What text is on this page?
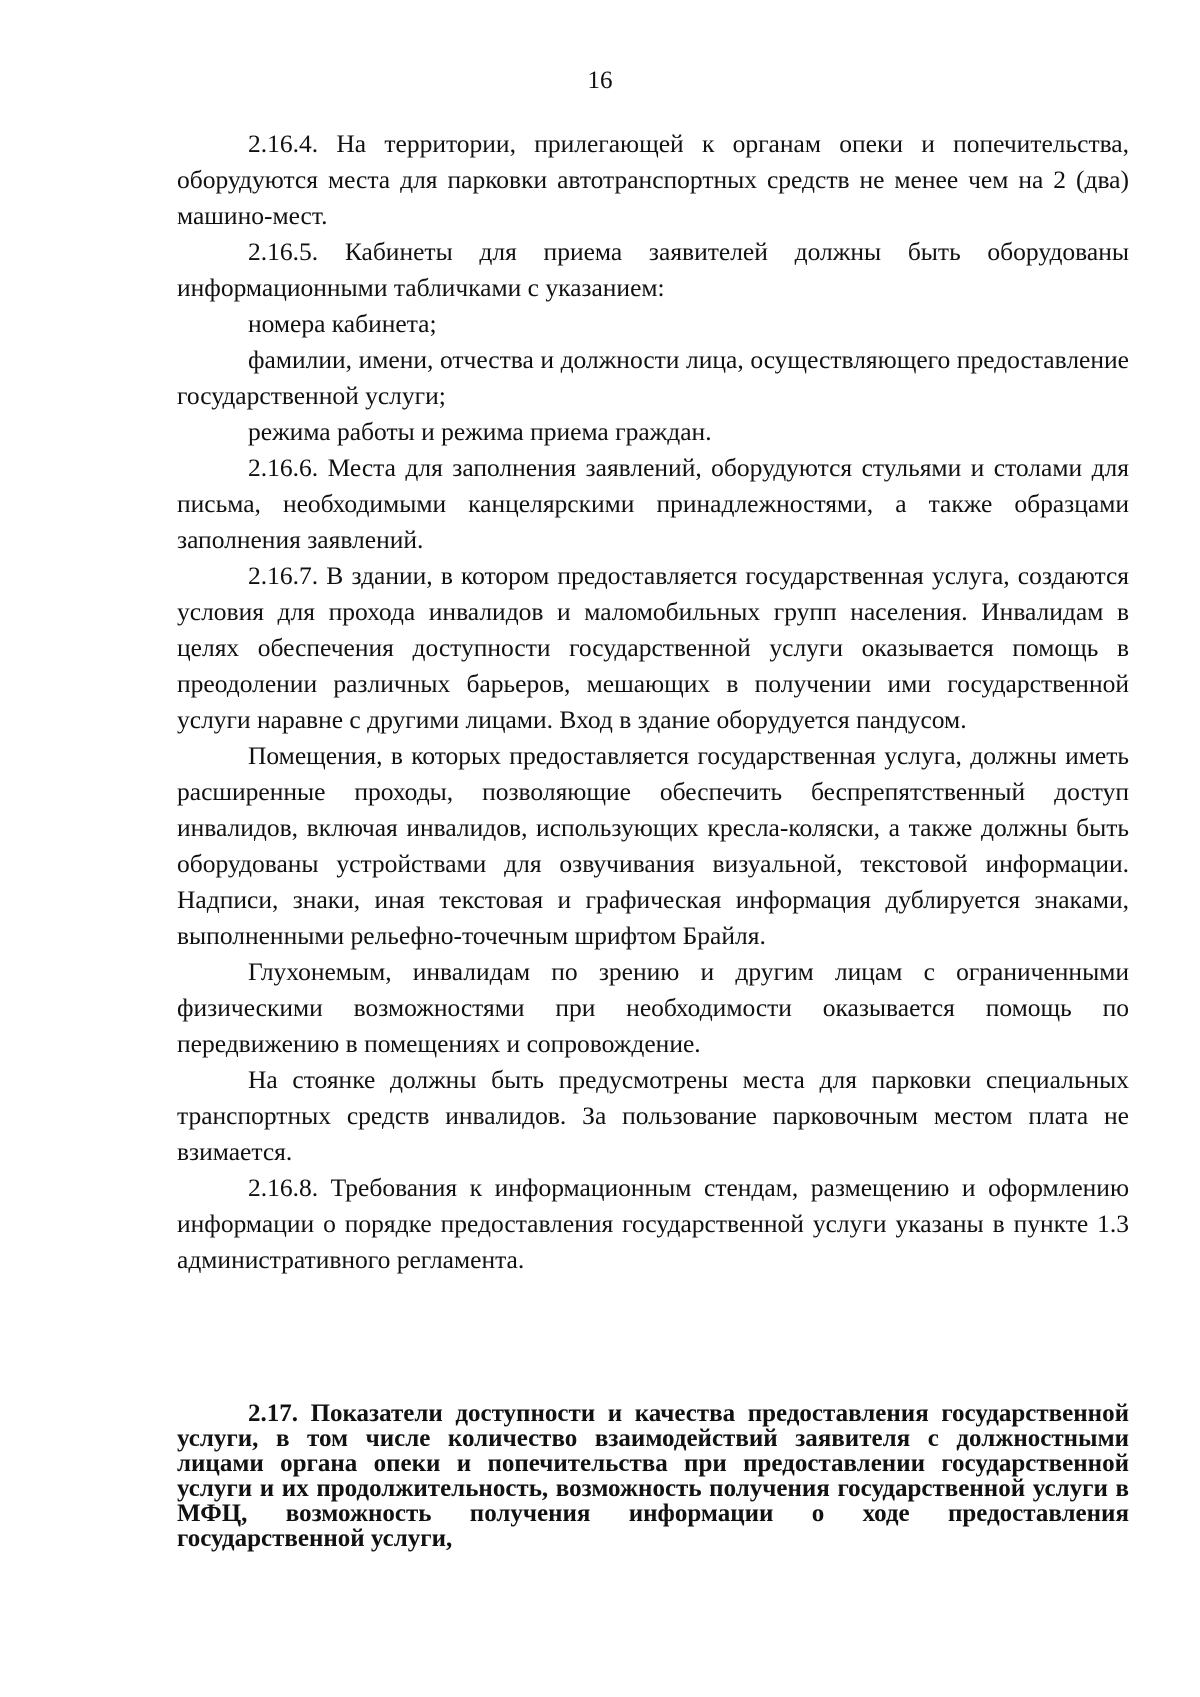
16

2.16.4. На территории, прилегающей к органам опеки и попечительства, оборудуются места для парковки автотранспортных средств не менее чем на 2 (два) машино-мест.

2.16.5. Кабинеты для приема заявителей должны быть оборудованы информационными табличками с указанием:

номера кабинета;

фамилии, имени, отчества и должности лица, осуществляющего предоставление государственной услуги;

режима работы и режима приема граждан.

2.16.6. Места для заполнения заявлений, оборудуются стульями и столами для письма, необходимыми канцелярскими принадлежностями, а также образцами заполнения заявлений.

2.16.7. В здании, в котором предоставляется государственная услуга, создаются условия для прохода инвалидов и маломобильных групп населения. Инвалидам в целях обеспечения доступности государственной услуги оказывается помощь в преодолении различных барьеров, мешающих в получении ими государственной услуги наравне с другими лицами. Вход в здание оборудуется пандусом.

Помещения, в которых предоставляется государственная услуга, должны иметь расширенные проходы, позволяющие обеспечить беспрепятственный доступ инвалидов, включая инвалидов, использующих кресла-коляски, а также должны быть оборудованы устройствами для озвучивания визуальной, текстовой информации. Надписи, знаки, иная текстовая и графическая информация дублируется знаками, выполненными рельефно-точечным шрифтом Брайля.

Глухонемым, инвалидам по зрению и другим лицам с ограниченными физическими возможностями при необходимости оказывается помощь по передвижению в помещениях и сопровождение.

На стоянке должны быть предусмотрены места для парковки специальных транспортных средств инвалидов. За пользование парковочным местом плата не взимается.

2.16.8. Требования к информационным стендам, размещению и оформлению информации о порядке предоставления государственной услуги указаны в пункте 1.3 административного регламента.

2.17. Показатели доступности и качества предоставления государственной услуги, в том числе количество взаимодействий заявителя с должностными лицами органа опеки и попечительства при предоставлении государственной услуги и их продолжительность, возможность получения государственной услуги в МФЦ, возможность получения информации о ходе предоставления государственной услуги,
